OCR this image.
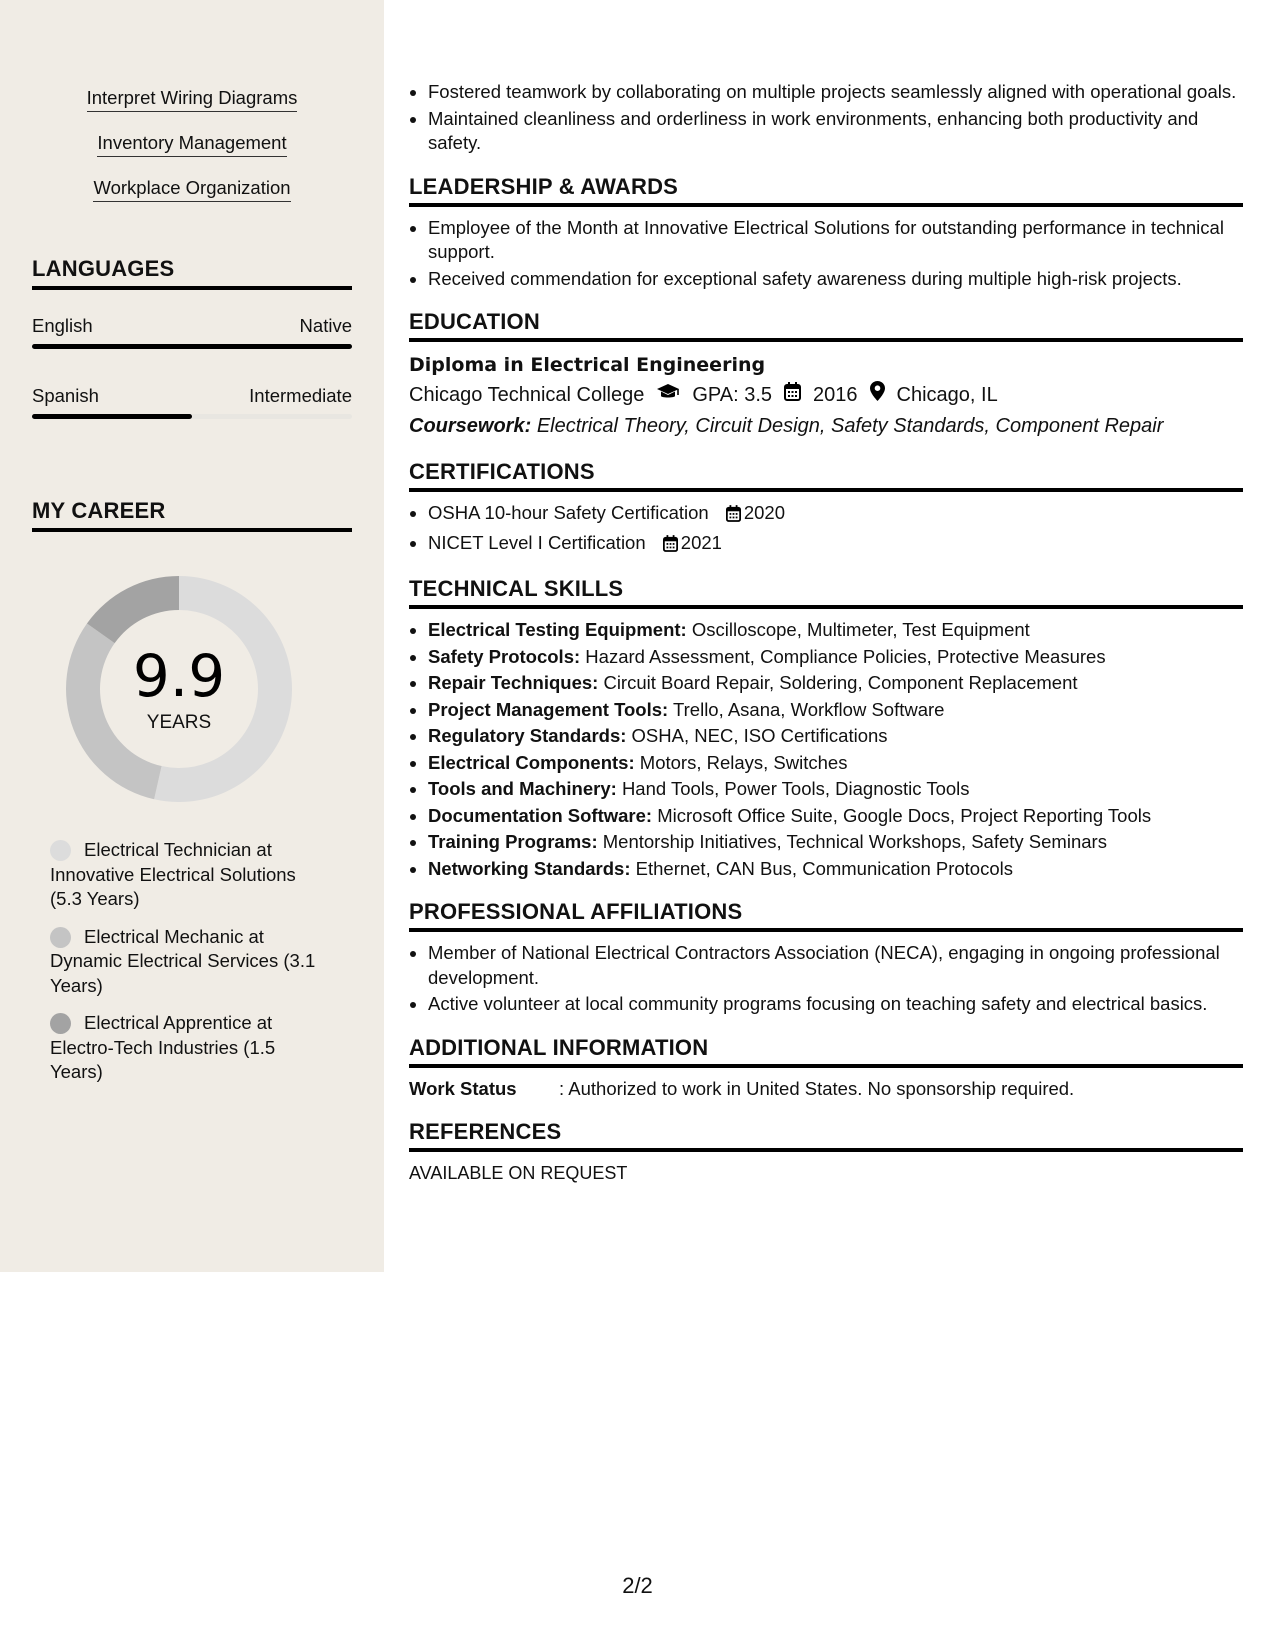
Interpret Wiring Diagrams
Inventory Management
Workplace Organization
LANGUAGES
English	Native
Spanish	Intermediate
MY CAREER
9.9
YEARS
Electrical Technician at Innovative Electrical Solutions (5.3 Years)
Electrical Mechanic at Dynamic Electrical Services (3.1 Years)
Electrical Apprentice at Electro-Tech Industries (1.5 Years)
• Fostered teamwork by collaborating on multiple projects seamlessly aligned with operational goals.
• Maintained cleanliness and orderliness in work environments, enhancing both productivity and safety.
LEADERSHIP & AWARDS
• Employee of the Month at Innovative Electrical Solutions for outstanding performance in technical support.
• Received commendation for exceptional safety awareness during multiple high-risk projects.
EDUCATION
Diploma in Electrical Engineering
Chicago Technical College GPA: 3.5 2016 Chicago, IL
Coursework: Electrical Theory, Circuit Design, Safety Standards, Component Repair
CERTIFICATIONS
• OSHA 10-hour Safety Certification 2020
• NICET Level I Certification 2021
TECHNICAL SKILLS
• Electrical Testing Equipment: Oscilloscope, Multimeter, Test Equipment
• Safety Protocols: Hazard Assessment, Compliance Policies, Protective Measures
• Repair Techniques: Circuit Board Repair, Soldering, Component Replacement
• Project Management Tools: Trello, Asana, Workflow Software
• Regulatory Standards: OSHA, NEC, ISO Certifications
• Electrical Components: Motors, Relays, Switches
• Tools and Machinery: Hand Tools, Power Tools, Diagnostic Tools
• Documentation Software: Microsoft Office Suite, Google Docs, Project Reporting Tools
• Training Programs: Mentorship Initiatives, Technical Workshops, Safety Seminars
• Networking Standards: Ethernet, CAN Bus, Communication Protocols
PROFESSIONAL AFFILIATIONS
• Member of National Electrical Contractors Association (NECA), engaging in ongoing professional development.
• Active volunteer at local community programs focusing on teaching safety and electrical basics.
ADDITIONAL INFORMATION
Work Status : Authorized to work in United States. No sponsorship required.
REFERENCES
AVAILABLE ON REQUEST
2/2
